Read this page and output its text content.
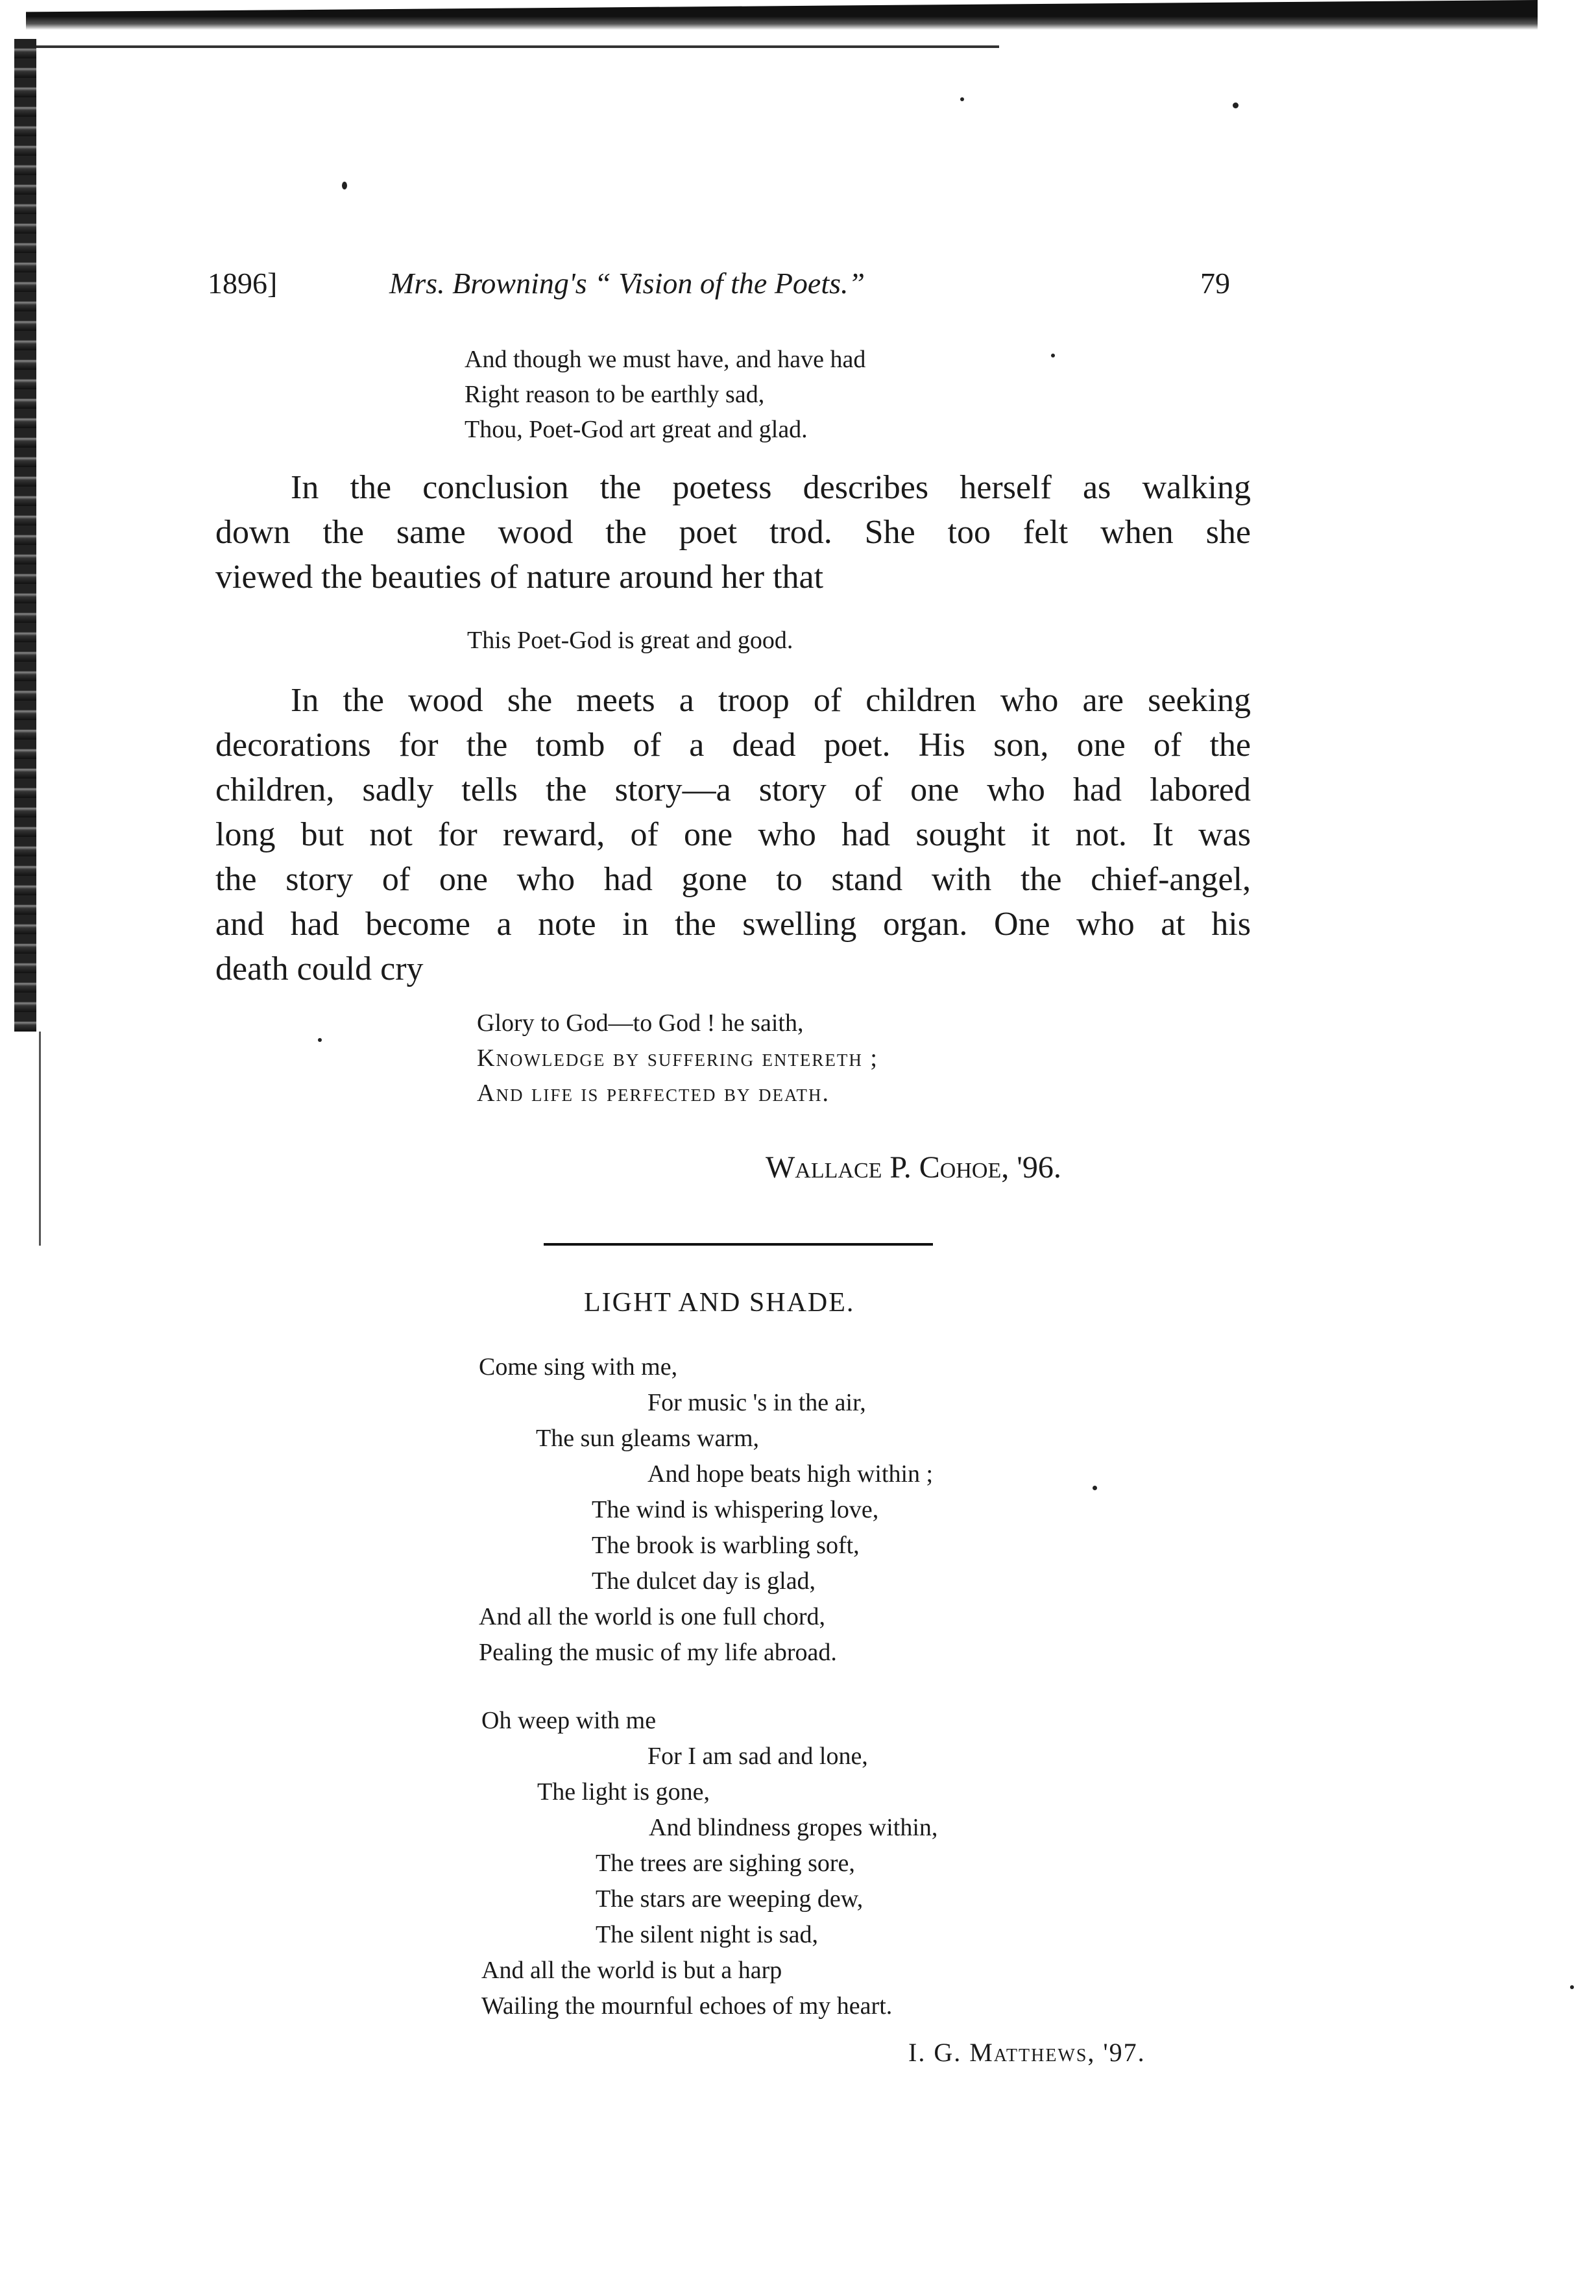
1896]	Mrs. Browning's “ Vision of the Poets.”	79
And though we must have, and have had
Right reason to be earthly sad,
Thou, Poet-God art great and glad.
In the conclusion the poetess describes herself as walking
down the same wood the poet trod. She too felt when she
viewed the beauties of nature around her that
This Poet-God is great and good.
In the wood she meets a troop of children who are seeking
decorations for the tomb of a dead poet. His son, one of the
children, sadly tells the story—a story of one who had labored
long but not for reward, of one who had sought it not. It was
the story of one who had gone to stand with the chief-angel,
and had become a note in the swelling organ. One who at his
death could cry
Glory to God—to God ! he saith,
Knowledge by suffering entereth ;
And life is perfected by death.
Wallace P. Cohoe, '96.
LIGHT AND SHADE.
Come sing with me,
For music 's in the air,
The sun gleams warm,
And hope beats high within ;
The wind is whispering love,
The brook is warbling soft,
The dulcet day is glad,
And all the world is one full chord,
Pealing the music of my life abroad.
Oh weep with me
For I am sad and lone,
The light is gone,
And blindness gropes within,
The trees are sighing sore,
The stars are weeping dew,
The silent night is sad,
And all the world is but a harp
Wailing the mournful echoes of my heart.
I. G. Matthews, '97.
